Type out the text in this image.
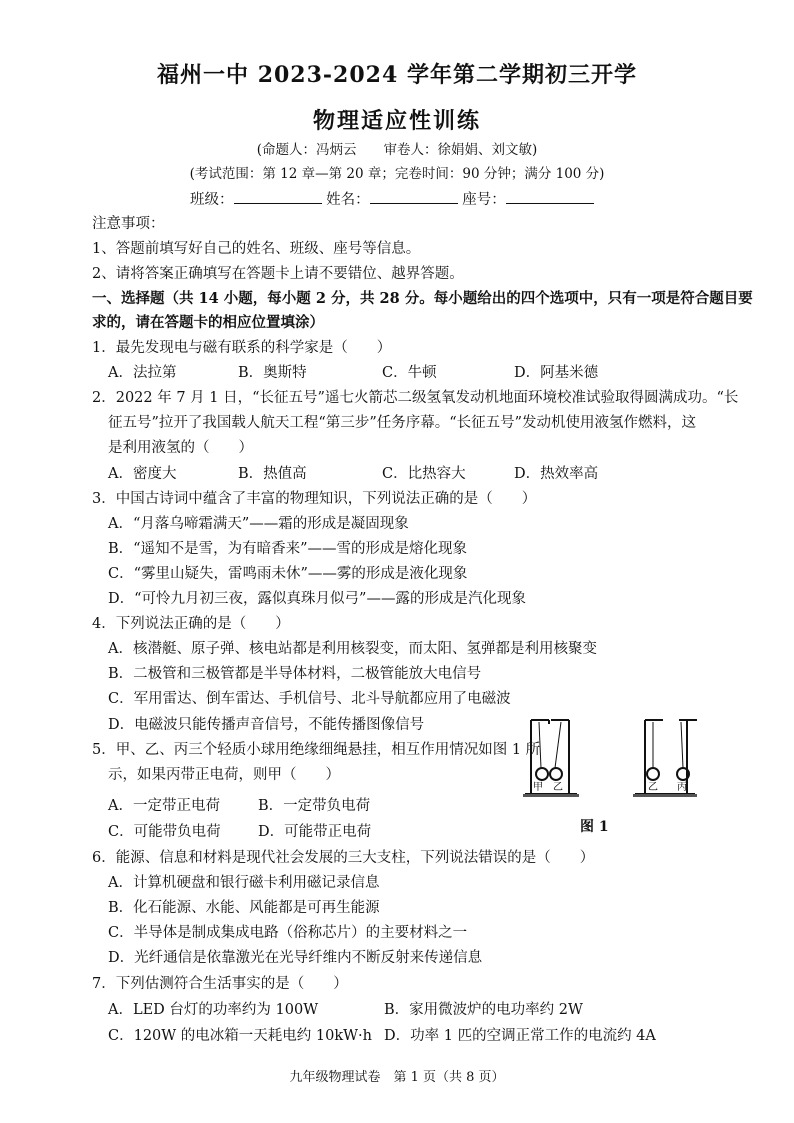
福州一中 2023-2024 学年第二学期初三开学
物理适应性训练
(命题人：冯炳云　　审卷人：徐娟娟、刘文敏)
(考试范围：第 12 章—第 20 章；完卷时间：90 分钟；满分 100 分)
班级：	姓名：	座号：
注意事项：
1、答题前填写好自己的姓名、班级、座号等信息。
2、请将答案正确填写在答题卡上请不要错位、越界答题。
一、选择题（共 14 小题，每小题 2 分，共 28 分。每小题给出的四个选项中，只有一项是符合题目要
求的，请在答题卡的相应位置填涂）
1．最先发现电与磁有联系的科学家是（　　）
A．法拉第	B．奥斯特	C．牛顿	D．阿基米德
2．2022 年 7 月 1 日，“长征五号”遥七火箭芯二级氢氧发动机地面环境校准试验取得圆满成功。“长
征五号”拉开了我国载人航天工程“第三步”任务序幕。“长征五号”发动机使用液氢作燃料，这
是利用液氢的（　　）
A．密度大	B．热值高	C．比热容大	D．热效率高
3．中国古诗词中蕴含了丰富的物理知识，下列说法正确的是（　　）
A．“月落乌啼霜满天”——霜的形成是凝固现象
B．“遥知不是雪，为有暗香来”——雪的形成是熔化现象
C．“雾里山疑失，雷鸣雨未休”——雾的形成是液化现象
D．“可怜九月初三夜，露似真珠月似弓”——露的形成是汽化现象
4．下列说法正确的是（　　）
A．核潜艇、原子弹、核电站都是利用核裂变，而太阳、氢弹都是利用核聚变
B．二极管和三极管都是半导体材料，二极管能放大电信号
C．军用雷达、倒车雷达、手机信号、北斗导航都应用了电磁波
D．电磁波只能传播声音信号，不能传播图像信号
甲 乙	乙 丙
5．甲、乙、丙三个轻质小球用绝缘细绳悬挂，相互作用情况如图 1 所
示，如果丙带正电荷，则甲（　　）
A．一定带正电荷	B．一定带负电荷
C．可能带负电荷	D．可能带正电荷	图 1
6．能源、信息和材料是现代社会发展的三大支柱，下列说法错误的是（　　）
A．计算机硬盘和银行磁卡利用磁记录信息
B．化石能源、水能、风能都是可再生能源
C．半导体是制成集成电路（俗称芯片）的主要材料之一
D．光纤通信是依靠激光在光导纤维内不断反射来传递信息
7．下列估测符合生活事实的是（　　）
A．LED 台灯的功率约为 100W	B．家用微波炉的电功率约 2W
C．120W 的电冰箱一天耗电约 10kW·h D．功率 1 匹的空调正常工作的电流约 4A
九年级物理试卷　第 1 页（共 8 页）
